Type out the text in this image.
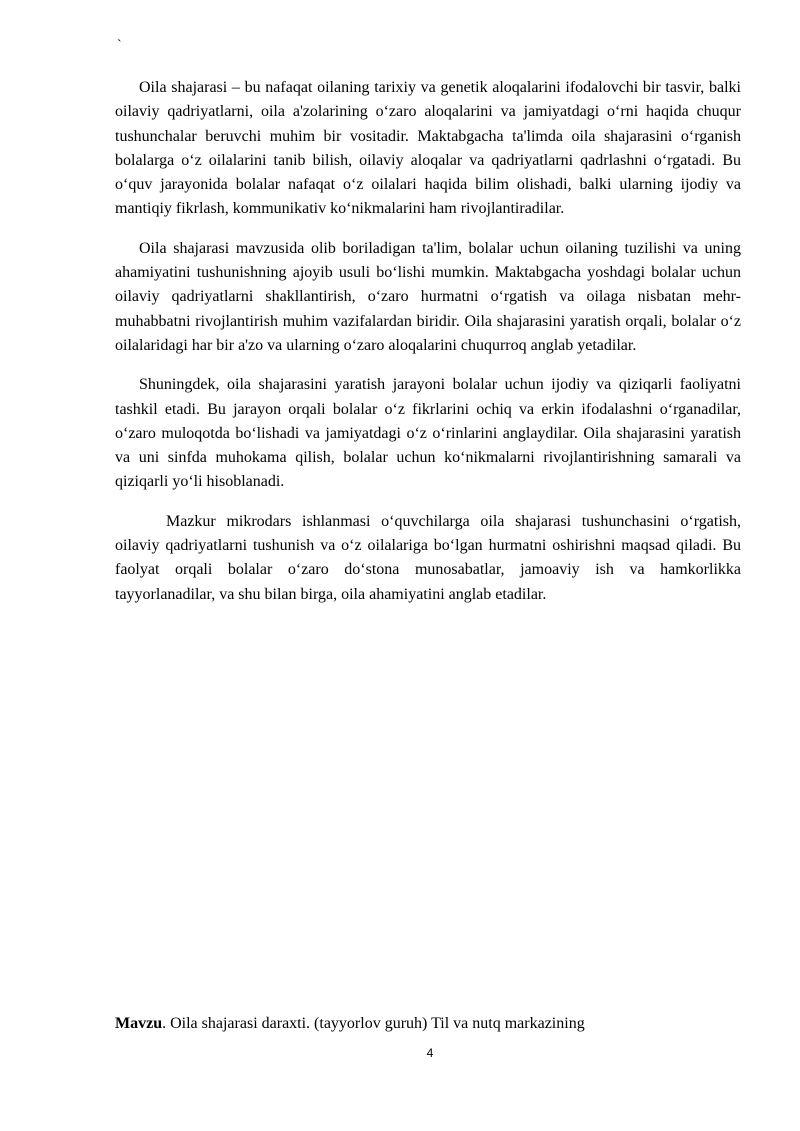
`

Oila shajarasi – bu nafaqat oilaning tarixiy va genetik aloqalarini ifodalovchi bir tasvir, balki oilaviy qadriyatlarni, oila a'zolarining o‘zaro aloqalarini va jamiyatdagi o‘rni haqida chuqur tushunchalar beruvchi muhim bir vositadir. Maktabgacha ta'limda oila shajarasini o‘rganish bolalarga o‘z oilalarini tanib bilish, oilaviy aloqalar va qadriyatlarni qadrlashni o‘rgatadi. Bu o‘quv jarayonida bolalar nafaqat o‘z oilalari haqida bilim olishadi, balki ularning ijodiy va mantiqiy fikrlash, kommunikativ ko‘nikmalarini ham rivojlantiradilar.

Oila shajarasi mavzusida olib boriladigan ta'lim, bolalar uchun oilaning tuzilishi va uning ahamiyatini tushunishning ajoyib usuli bo‘lishi mumkin. Maktabgacha yoshdagi bolalar uchun oilaviy qadriyatlarni shakllantirish, o‘zaro hurmatni o‘rgatish va oilaga nisbatan mehr-muhabbatni rivojlantirish muhim vazifalardan biridir. Oila shajarasini yaratish orqali, bolalar o‘z oilalaridagi har bir a'zo va ularning o‘zaro aloqalarini chuqurroq anglab yetadilar.

Shuningdek, oila shajarasini yaratish jarayoni bolalar uchun ijodiy va qiziqarli faoliyatni tashkil etadi. Bu jarayon orqali bolalar o‘z fikrlarini ochiq va erkin ifodalashni o‘rganadilar, o‘zaro muloqotda bo‘lishadi va jamiyatdagi o‘z o‘rinlarini anglaydilar. Oila shajarasini yaratish va uni sinfda muhokama qilish, bolalar uchun ko‘nikmalarni rivojlantirishning samarali va qiziqarli yo‘li hisoblanadi.

Mazkur mikrodars ishlanmasi o‘quvchilarga oila shajarasi tushunchasini o‘rgatish, oilaviy qadriyatlarni tushunish va o‘z oilalariga bo‘lgan hurmatni oshirishni maqsad qiladi. Bu faolyat orqali bolalar o‘zaro do‘stona munosabatlar, jamoaviy ish va hamkorlikka tayyorlanadilar, va shu bilan birga, oila ahamiyatini anglab etadilar.

Mavzu. Oila shajarasi daraxti. (tayyorlov guruh) Til va nutq markazining
4
